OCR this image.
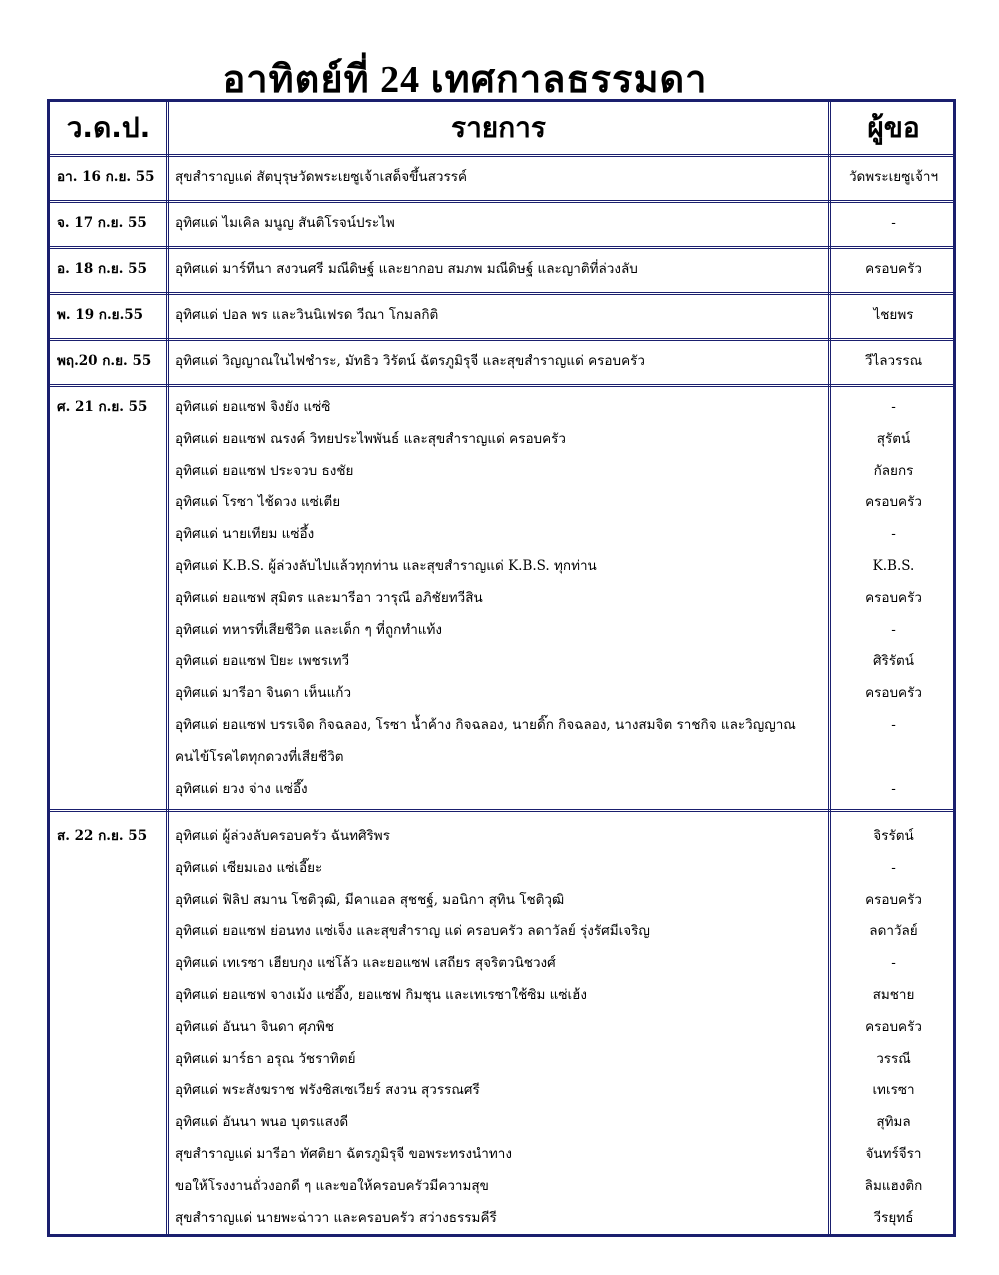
อาทิตย์ที่ 24 เทศกาลธรรมดา
ว.ด.ป.	รายการ	ผู้ขอ
อา. 16 ก.ย. 55 สุขสำราญแด่ สัตบุรุษวัดพระเยซูเจ้าเสด็จขึ้นสวรรค์	วัดพระเยซูเจ้าฯ
จ. 17 ก.ย. 55 อุทิศแด่ ไมเคิล มนูญ สันติโรจน์ประไพ	-
อ. 18 ก.ย. 55 อุทิศแด่ มาร์ทีนา สงวนศรี มณีดิษฐ์ และยากอบ สมภพ มณีดิษฐ์ และญาติที่ล่วงลับ	ครอบครัว
พ. 19 ก.ย.55 อุทิศแด่ ปอล พร และวินนิเฟรด วีณา โกมลกิติ	ไชยพร
พฤ.20 ก.ย. 55 อุทิศแด่ วิญญาณในไฟชำระ, มัทธิว วิรัตน์ ฉัตรภูมิรุจี และสุขสำราญแด่ ครอบครัว	วีไลวรรณ
ศ. 21 ก.ย. 55 อุทิศแด่ ยอแซฟ จิงยัง แซ่ซิ	-
อุทิศแด่ ยอแซฟ ณรงค์ วิทยประไพพันธ์ และสุขสำราญแด่ ครอบครัว	สุรัตน์
อุทิศแด่ ยอแซฟ ประจวบ ธงชัย	กัลยกร
อุทิศแด่ โรซา ไช้ดวง แซ่เตีย	ครอบครัว
อุทิศแด่ นายเทียม แซ่อึ้ง	-
อุทิศแด่ K.B.S. ผู้ล่วงลับไปแล้วทุกท่าน และสุขสำราญแด่ K.B.S. ทุกท่าน	K.B.S.
อุทิศแด่ ยอแซฟ สุมิตร และมารีอา วารุณี อภิชัยทวีสิน	ครอบครัว
อุทิศแด่ ทหารที่เสียชีวิต และเด็ก ๆ ที่ถูกทำแท้ง	-
อุทิศแด่ ยอแซฟ ปิยะ เพชรเทวี	ศิริรัตน์
อุทิศแด่ มารีอา จินดา เห็นแก้ว	ครอบครัว
อุทิศแด่ ยอแซฟ บรรเจิด กิจฉลอง, โรซา น้ำค้าง กิจฉลอง, นายดิ๊ก กิจฉลอง, นางสมจิต ราชกิจ และวิญญาณ	-
คนไข้โรคไตทุกดวงที่เสียชีวิต
อุทิศแด่ ยวง จ่าง แซ่อึ๊ง	-
ส. 22 ก.ย. 55 อุทิศแด่ ผู้ล่วงลับครอบครัว ฉันทศิริพร	จิรรัตน์
อุทิศแด่ เซียมเอง แซ่เอี๊ยะ	-
อุทิศแด่ ฟิลิป สมาน โชติวุฒิ, มีคาแอล สุชชฐ์, มอนิกา สุทิน โชติวุฒิ	ครอบครัว
อุทิศแด่ ยอแซฟ ย่อนทง แซ่เจ็ง และสุขสำราญ แด่ ครอบครัว ลดาวัลย์ รุ่งรัศมีเจริญ	ลดาวัลย์
อุทิศแด่ เทเรซา เฮียบกุง แซ่โล้ว และยอแซฟ เสถียร สุจริตวนิชวงศ์	-
อุทิศแด่ ยอแซฟ จางเม้ง แซ่อึ๊ง, ยอแซฟ กิมชุน และเทเรซาใช้ซิม แซ่เฮ้ง	สมชาย
อุทิศแด่ อันนา จินดา ศุภพิช	ครอบครัว
อุทิศแด่ มาร์ธา อรุณ วัชราทิตย์	วรรณี
อุทิศแด่ พระสังฆราช ฟรังซิสเซเวียร์ สงวน สุวรรณศรี	เทเรซา
อุทิศแด่ อันนา พนอ บุตรแสงดี	สุทิมล
สุขสำราญแด่ มารีอา ทัศติยา ฉัตรภูมิรุจี ขอพระทรงนำทาง	จันทร์จีรา
ขอให้โรงงานถั่วงอกดี ๆ และขอให้ครอบครัวมีความสุข	ลิมแฮงติก
สุขสำราญแด่ นายพะฉ่าวา และครอบครัว สว่างธรรมคีรี	วีรยุทธ์
